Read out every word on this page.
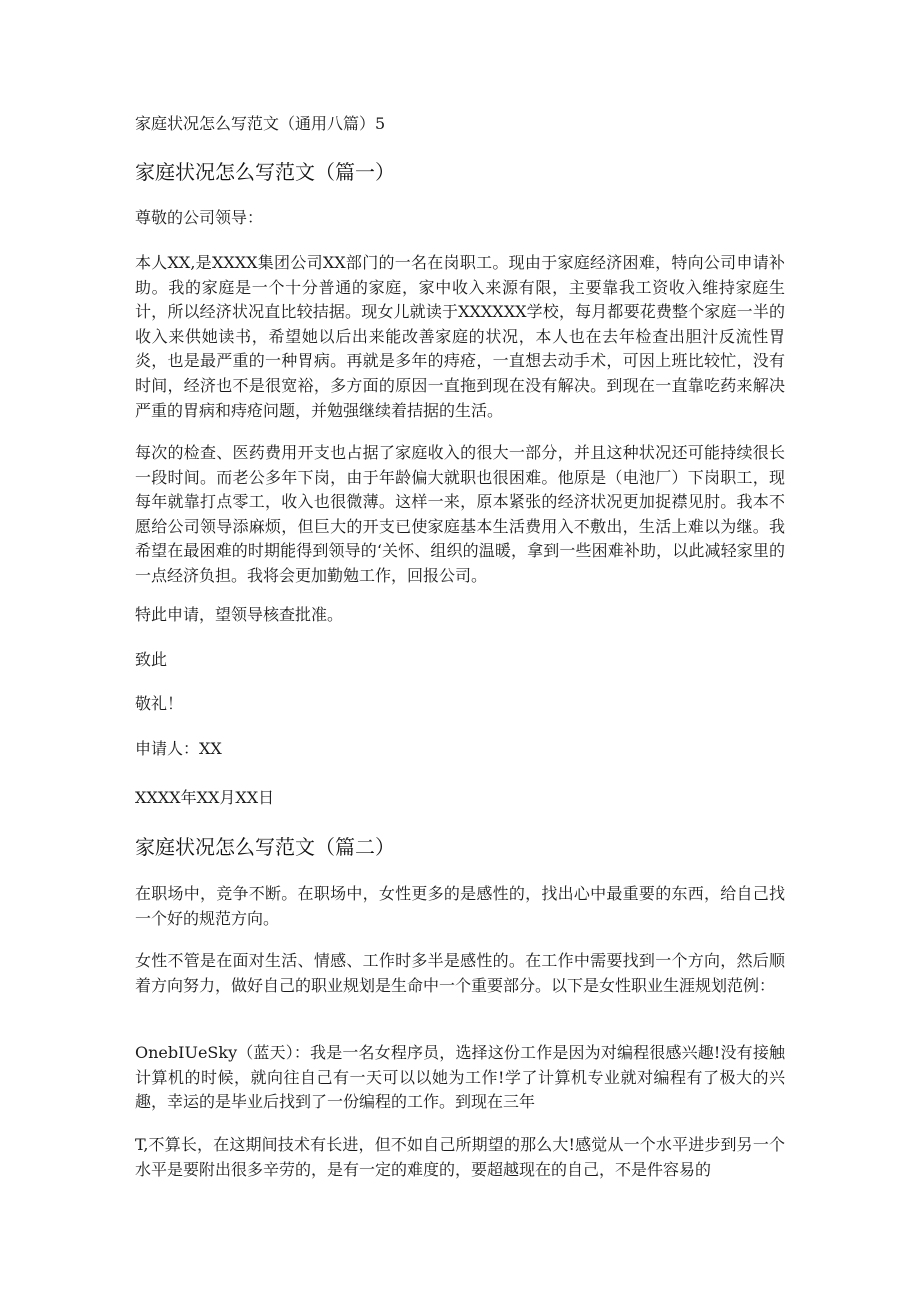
家庭状况怎么写范文（通用八篇）5
家庭状况怎么写范文（篇一）
尊敬的公司领导：

本人XX,是XXXX集团公司XX部门的一名在岗职工。现由于家庭经济困难，特向公司申请补助。我的家庭是一个十分普通的家庭，家中收入来源有限，主要靠我工资收入维持家庭生计，所以经济状况直比较拮据。现女儿就读于XXXXXX学校，每月都要花费整个家庭一半的收入来供她读书，希望她以后出来能改善家庭的状况，本人也在去年检查出胆汁反流性胃炎，也是最严重的一种胃病。再就是多年的痔疮，一直想去动手术，可因上班比较忙，没有时间，经济也不是很宽裕，多方面的原因一直拖到现在没有解决。到现在一直靠吃药来解决严重的胃病和痔疮问题，并勉强继续着拮据的生活。

每次的检查、医药费用开支也占据了家庭收入的很大一部分，并且这种状况还可能持续很长一段时间。而老公多年下岗，由于年龄偏大就职也很困难。他原是（电池厂）下岗职工，现每年就靠打点零工，收入也很微薄。这样一来，原本紧张的经济状况更加捉襟见肘。我本不愿给公司领导添麻烦，但巨大的开支已使家庭基本生活费用入不敷出，生活上难以为继。我希望在最困难的时期能得到领导的‘关怀、组织的温暖，拿到一些困难补助，以此减轻家里的一点经济负担。我将会更加勤勉工作，回报公司。

特此申请，望领导核查批准。
致此
敬礼！
申请人：XX
XXXX年XX月XX日
家庭状况怎么写范文（篇二）

在职场中，竞争不断。在职场中，女性更多的是感性的，找出心中最重要的东西，给自己找一个好的规范方向。

女性不管是在面对生活、情感、工作时多半是感性的。在工作中需要找到一个方向，然后顺着方向努力，做好自己的职业规划是生命中一个重要部分。以下是女性职业生涯规划范例：

OnebIUeSky（蓝天）：我是一名女程序员，选择这份工作是因为对编程很感兴趣!没有接触计算机的时候，就向往自己有一天可以以她为工作!学了计算机专业就对编程有了极大的兴趣，幸运的是毕业后找到了一份编程的工作。到现在三年

T,不算长，在这期间技术有长进，但不如自己所期望的那么大!感觉从一个水平进步到另一个水平是要附出很多辛劳的，是有一定的难度的，要超越现在的自己，不是件容易的
